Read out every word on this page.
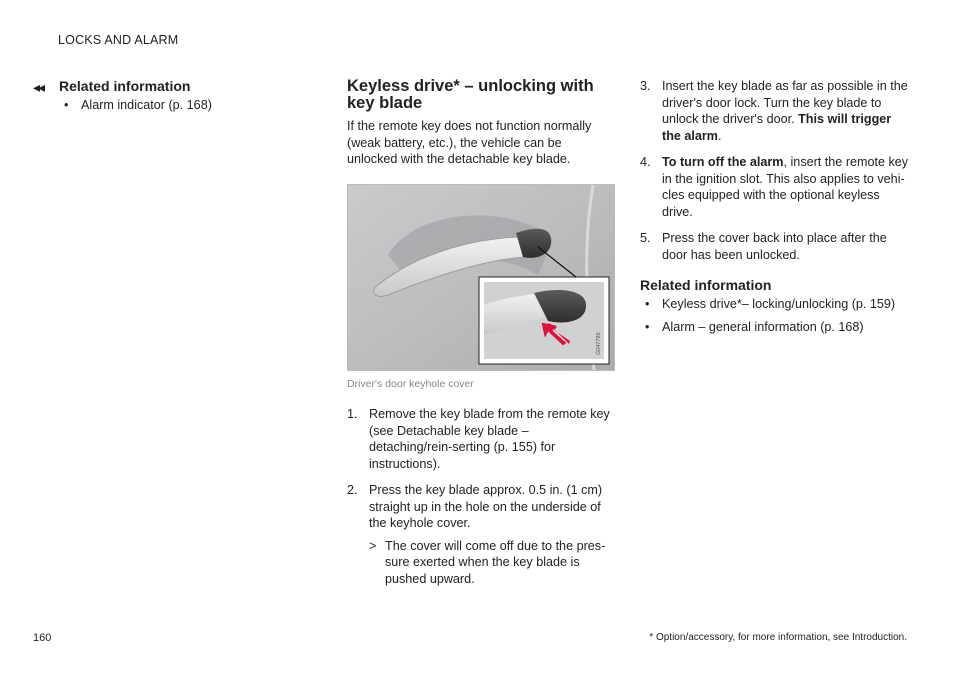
LOCKS AND ALARM
◂◂ Related information
• Alarm indicator (p. 168)
Keyless drive* – unlocking with key blade

If the remote key does not function normally (weak battery, etc.), the vehicle can be unlocked with the detachable key blade.

G047785
Driver's door keyhole cover
1. Remove the key blade from the remote key (see Detachable key blade – detaching/rein-serting (p. 155) for instructions).
2. Press the key blade approx. 0.5 in. (1 cm) straight up in the hole on the underside of the keyhole cover.
> The cover will come off due to the pres-sure exerted when the key blade is pushed upward.
3. Insert the key blade as far as possible in the driver's door lock. Turn the key blade to unlock the driver's door. This will trigger the alarm.
4. To turn off the alarm, insert the remote key in the ignition slot. This also applies to vehi-cles equipped with the optional keyless drive.
5. Press the cover back into place after the door has been unlocked.
Related information
• Keyless drive*– locking/unlocking (p. 159)
• Alarm – general information (p. 168)
160	* Option/accessory, for more information, see Introduction.
